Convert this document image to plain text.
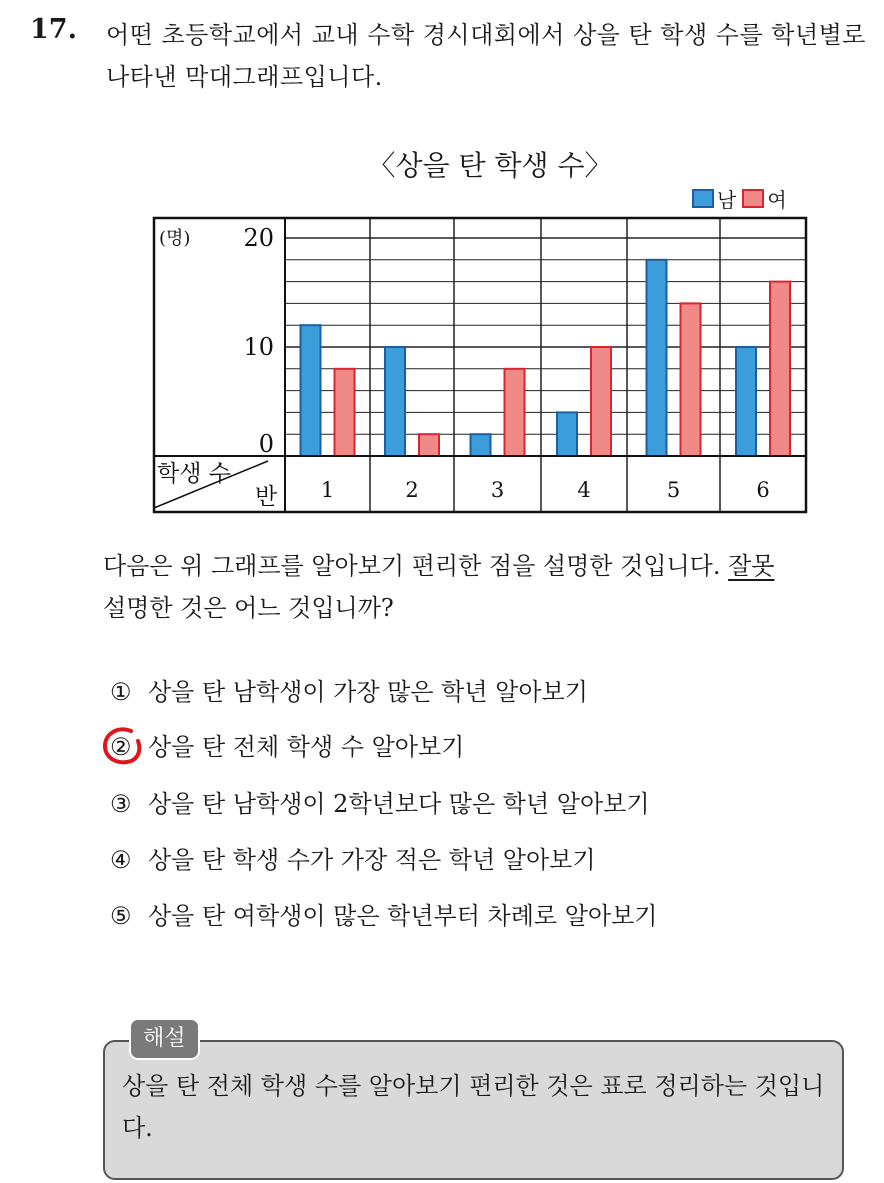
17. 어떤 초등학교에서 교내 수학 경시대회에서 상을 탄 학생 수를 학년별로 나타낸 막대그래프입니다.
〈상을 탄 학생 수〉
남 여
1	2	3	4	5	6
0
10
20
(명)
학생 수
반
다음은 위 그래프를 알아보기 편리한 점을 설명한 것입니다. 잘못
설명한 것은 어느 것입니까?
① 상을 탄 남학생이 가장 많은 학년 알아보기
② 상을 탄 전체 학생 수 알아보기
③ 상을 탄 남학생이 2학년보다 많은 학년 알아보기
④ 상을 탄 학생 수가 가장 적은 학년 알아보기
⑤ 상을 탄 여학생이 많은 학년부터 차례로 알아보기
해설
상을 탄 전체 학생 수를 알아보기 편리한 것은 표로 정리하는 것입니다.
